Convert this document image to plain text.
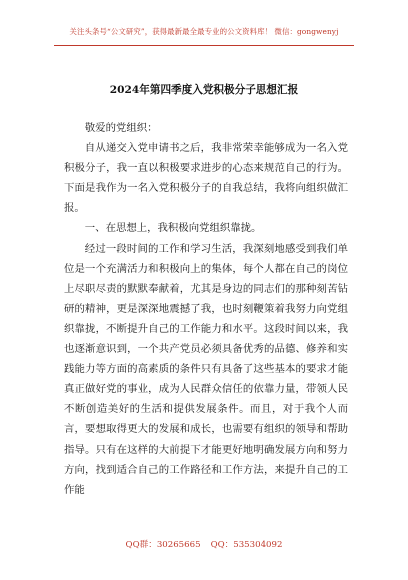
关注头条号“公文研究”，获得最新最全最专业的公文资料库！ 微信：gongwenyj
2024年第四季度入党积极分子思想汇报

敬爱的党组织：

自从递交入党申请书之后，我非常荣幸能够成为一名入党积极分子，我一直以积极要求进步的心态来规范自己的行为。下面是我作为一名入党积极分子的自我总结，我将向组织做汇报。

一、在思想上，我积极向党组织靠拢。

经过一段时间的工作和学习生活，我深刻地感受到我们单位是一个充满活力和积极向上的集体，每个人都在自己的岗位上尽职尽责的默默奉献着，尤其是身边的同志们的那种刻苦钻研的精神，更是深深地震撼了我，也时刻鞭策着我努力向党组织靠拢，不断提升自己的工作能力和水平。这段时间以来，我也逐渐意识到，一个共产党员必须具备优秀的品德、修养和实践能力等方面的高素质的条件只有具备了这些基本的要求才能真正做好党的事业，成为人民群众信任的依靠力量，带领人民不断创造美好的生活和提供发展条件。而且，对于我个人而言，要想取得更大的发展和成长，也需要有组织的领导和帮助指导。只有在这样的大前提下才能更好地明确发展方向和努力方向，找到适合自己的工作路径和工作方法，来提升自己的工作能

QQ群：30265665 QQ：535304092
